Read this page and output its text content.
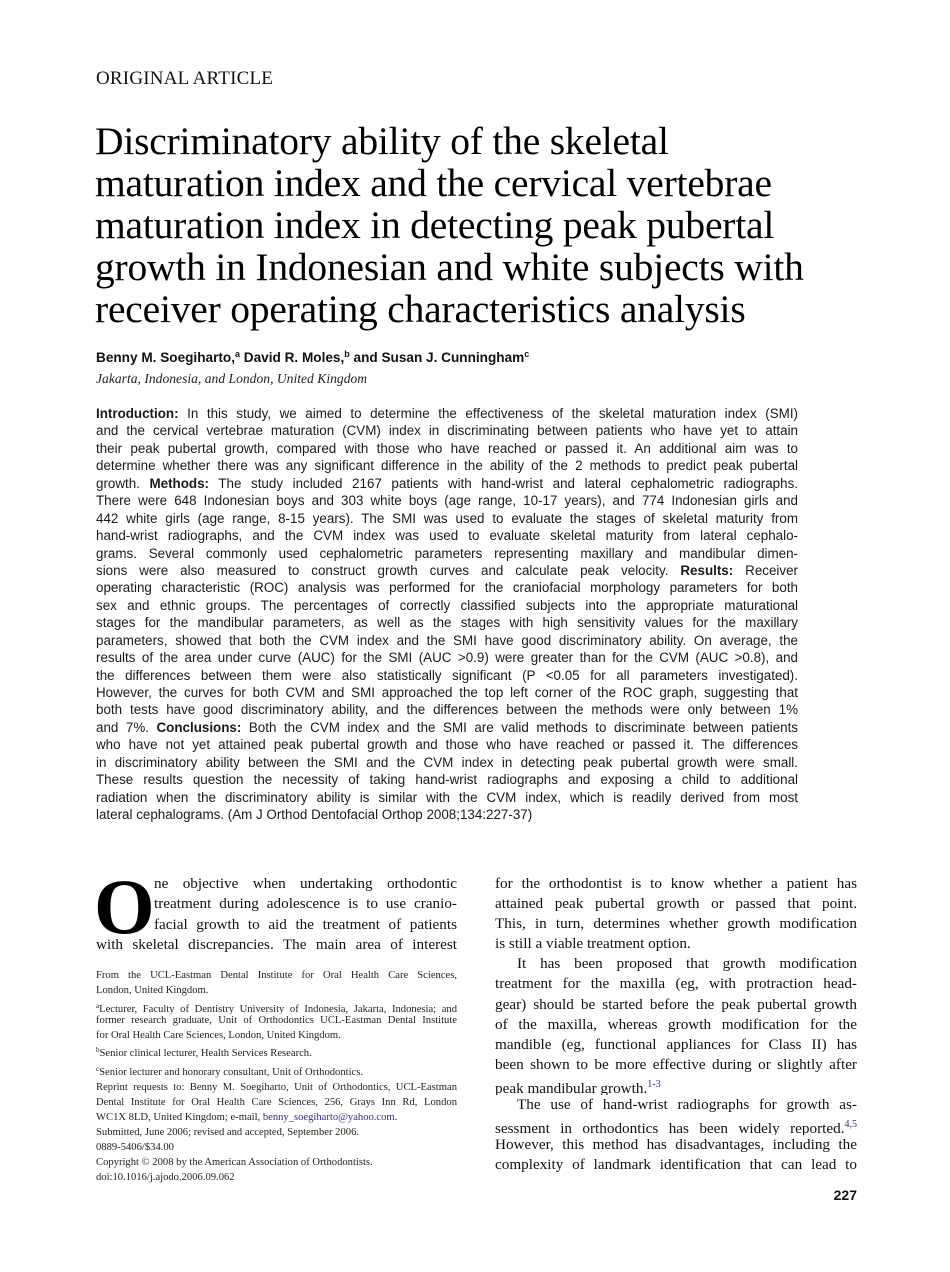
ORIGINAL ARTICLE
Discriminatory ability of the skeletal
maturation index and the cervical vertebrae
maturation index in detecting peak pubertal
growth in Indonesian and white subjects with
receiver operating characteristics analysis
Benny M. Soegiharto,$^a$ David R. Moles,$^b$ and Susan J. Cunningham$^c$
Jakarta, Indonesia, and London, United Kingdom
Introduction: In this study, we aimed to determine the effectiveness of the skeletal maturation index (SMI)
and the cervical vertebrae maturation (CVM) index in discriminating between patients who have yet to attain
their peak pubertal growth, compared with those who have reached or passed it. An additional aim was to
determine whether there was any significant difference in the ability of the 2 methods to predict peak pubertal
growth. Methods: The study included 2167 patients with hand-wrist and lateral cephalometric radiographs.
There were 648 Indonesian boys and 303 white boys (age range, 10-17 years), and 774 Indonesian girls and
442 white girls (age range, 8-15 years). The SMI was used to evaluate the stages of skeletal maturity from
hand-wrist radiographs, and the CVM index was used to evaluate skeletal maturity from lateral cephalo-
grams. Several commonly used cephalometric parameters representing maxillary and mandibular dimen-
sions were also measured to construct growth curves and calculate peak velocity. Results: Receiver
operating characteristic (ROC) analysis was performed for the craniofacial morphology parameters for both
sex and ethnic groups. The percentages of correctly classified subjects into the appropriate maturational
stages for the mandibular parameters, as well as the stages with high sensitivity values for the maxillary
parameters, showed that both the CVM index and the SMI have good discriminatory ability. On average, the
results of the area under curve (AUC) for the SMI (AUC >0.9) were greater than for the CVM (AUC >0.8), and
the differences between them were also statistically significant (P <0.05 for all parameters investigated).
However, the curves for both CVM and SMI approached the top left corner of the ROC graph, suggesting that
both tests have good discriminatory ability, and the differences between the methods were only between 1%
and 7%. Conclusions: Both the CVM index and the SMI are valid methods to discriminate between patients
who have not yet attained peak pubertal growth and those who have reached or passed it. The differences
in discriminatory ability between the SMI and the CVM index in detecting peak pubertal growth were small.
These results question the necessity of taking hand-wrist radiographs and exposing a child to additional
radiation when the discriminatory ability is similar with the CVM index, which is readily derived from most
lateral cephalograms. (Am J Orthod Dentofacial Orthop 2008;134:227-37)
O ne objective when undertaking orthodontic
treatment during adolescence is to use cranio-
facial growth to aid the treatment of patients
with skeletal discrepancies. The main area of interest
From the UCL-Eastman Dental Institute for Oral Health Care Sciences,
London, United Kingdom.
$^a$Lecturer, Faculty of Dentistry University of Indonesia, Jakarta, Indonesia; and
former research graduate, Unit of Orthodontics UCL-Eastman Dental Institute
for Oral Health Care Sciences, London, United Kingdom.
$^b$Senior clinical lecturer, Health Services Research.
$^c$Senior lecturer and honorary consultant, Unit of Orthodontics.
Reprint requests to: Benny M. Soegiharto, Unit of Orthodontics, UCL-Eastman
Dental Institute for Oral Health Care Sciences, 256, Grays Inn Rd, London
WC1X 8LD, United Kingdom; e-mail, benny_soegiharto@yahoo.com.
Submitted, June 2006; revised and accepted, September 2006.
0889-5406/$34.00
Copyright © 2008 by the American Association of Orthodontists.
doi:10.1016/j.ajodo.2006.09.062
for the orthodontist is to know whether a patient has
attained peak pubertal growth or passed that point.
This, in turn, determines whether growth modification
is still a viable treatment option.
It has been proposed that growth modification
treatment for the maxilla (eg, with protraction head-
gear) should be started before the peak pubertal growth
of the maxilla, whereas growth modification for the
mandible (eg, functional appliances for Class II) has
been shown to be more effective during or slightly after
peak mandibular growth.$^{1-3}$
The use of hand-wrist radiographs for growth as-
sessment in orthodontics has been widely reported.$^{4,5}$
However, this method has disadvantages, including the
complexity of landmark identification that can lead to
227
